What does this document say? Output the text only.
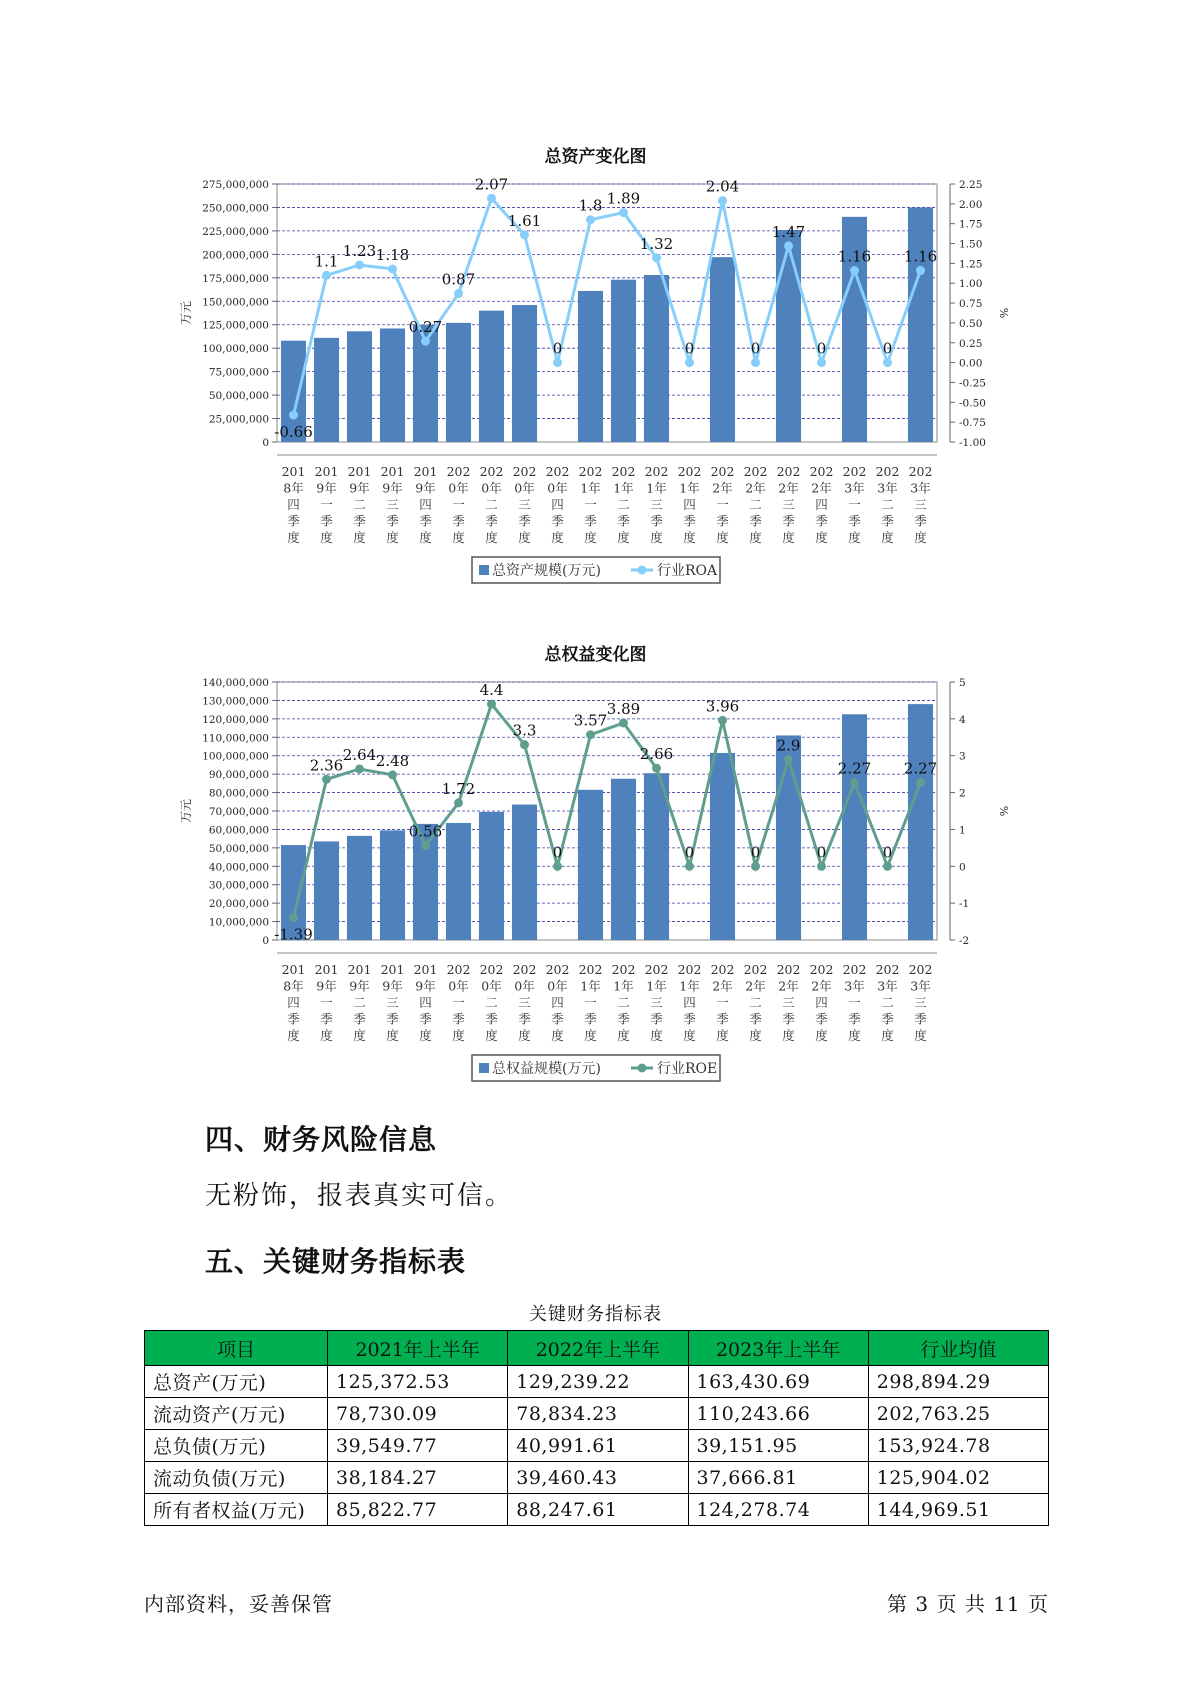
总资产变化图
0
25,000,000
50,000,000
75,000,000
100,000,000
125,000,000
150,000,000
175,000,000
200,000,000
225,000,000
250,000,000
275,000,000
-1.00
-0.75
-0.50
-0.25
0.00
0.25
0.50
0.75
1.00
1.25
1.50
1.75
2.00
2.25
万元	%
-0.66
1.1
1.23 1.18
0.27
0.87
2.07
1.61
0
1.8 1.89
1.32
0
2.04
0
1.47
0
1.16
0
1.16
201 8年四季度
201 9年一季度
201 9年二季度
201 9年三季度
201 9年四季度
202 0年一季度
202 0年二季度
202 0年三季度
202 0年四季度
202 1年一季度
202 1年二季度
202 1年三季度
202 1年四季度
202 2年一季度
202 2年二季度
202 2年三季度
202 2年四季度
202 3年一季度
202 3年二季度
202 3年三季度
总资产规模(万元)	行业ROA
总权益变化图
0
10,000,000
20,000,000
30,000,000
40,000,000
50,000,000
60,000,000
70,000,000
80,000,000
90,000,000
100,000,000
110,000,000
120,000,000
130,000,000
140,000,000
-2
-1
0
1
2
3
4
5
万元	%
-1.39
2.36
2.64 2.48
0.56
1.72
4.4
3.3
0
3.57
3.89
2.66
0
3.96
0
2.9
0
2.27
0
2.27
201 8年四季度
201 9年一季度
201 9年二季度
201 9年三季度
201 9年四季度
202 0年一季度
202 0年二季度
202 0年三季度
202 0年四季度
202 1年一季度
202 1年二季度
202 1年三季度
202 1年四季度
202 2年一季度
202 2年二季度
202 2年三季度
202 2年四季度
202 3年一季度
202 3年二季度
202 3年三季度
总权益规模(万元)	行业ROE
四、财务风险信息
无粉饰，报表真实可信。
五、关键财务指标表
关键财务指标表
项目	2021年上半年	2022年上半年	2023年上半年	行业均值
总资产(万元)	125,372.53	129,239.22	163,430.69	298,894.29
流动资产(万元)	78,730.09	78,834.23	110,243.66	202,763.25
总负债(万元)	39,549.77	40,991.61	39,151.95	153,924.78
流动负债(万元)	38,184.27	39,460.43	37,666.81	125,904.02
所有者权益(万元)	85,822.77	88,247.61	124,278.74	144,969.51
内部资料，妥善保管	第 3 页 共 11 页
